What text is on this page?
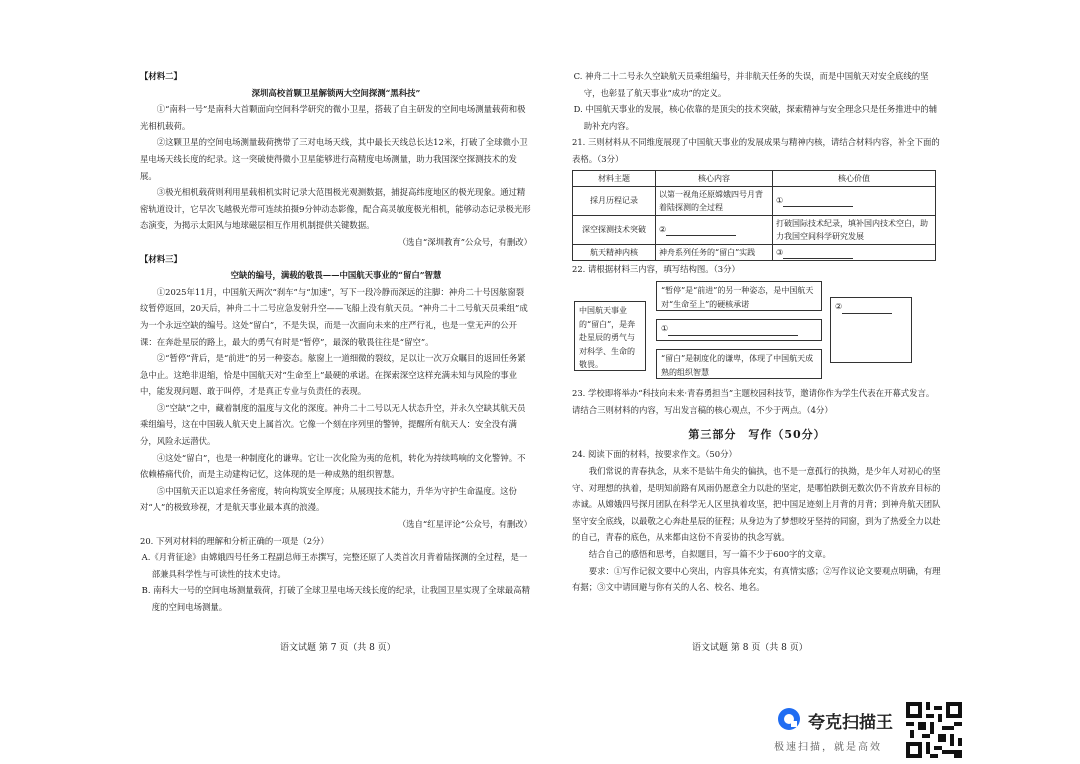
【材料二】

深圳高校首颗卫星解锁两大空间探测“黑科技”

①“南科一号”是南科大首颗面向空间科学研究的微小卫星，搭载了自主研发的空间电场测量载荷和极光相机载荷。

②这颗卫星的空间电场测量载荷携带了三对电场天线，其中最长天线总长达12米，打破了全球微小卫星电场天线长度的纪录。这一突破使得微小卫星能够进行高精度电场测量，助力我国深空探测技术的发展。

③极光相机载荷则利用星载相机实时记录大范围极光观测数据，捕捉高纬度地区的极光现象。通过精密轨道设计，它早次飞越极光带可连续拍摄9分钟动态影像，配合高灵敏度极光相机，能够动态记录极光形态演变，为揭示太阳风与地球磁层相互作用机制提供关键数据。

（选自“深圳教育”公众号，有删改）

【材料三】

空缺的编号，满载的敬畏——中国航天事业的“留白”智慧

①2025年11月，中国航天两次“刹车”与“加速”，写下一段冷静而深远的注脚：神舟二十号因舷窗裂纹暂停返回，20天后，神舟二十二号应急发射升空——飞船上没有航天员。“神舟二十二号航天员乘组”成为一个永远空缺的编号。这处“留白”，不是失误，而是一次面向未来的庄严行礼，也是一堂无声的公开课：在奔赴星辰的路上，最大的勇气有时是“暂停”，最深的敬畏往往是“留空”。

②“暂停”背后，是“前进”的另一种姿态。舷窗上一道细微的裂纹，足以让一次万众瞩目的返回任务紧急中止。这绝非退缩，恰是中国航天对“生命至上”最硬的承诺。在探索深空这样充满未知与风险的事业中，能发现问题、敢于叫停，才是真正专业与负责任的表现。

③“空缺”之中，藏着制度的温度与文化的深度。神舟二十二号以无人状态升空，并永久空缺其航天员乘组编号，这在中国载人航天史上属首次。它像一个刻在序列里的警钟，提醒所有航天人：安全没有满分，风险永远潜伏。

④这处“留白”，也是一种制度化的谦卑。它让一次化险为夷的危机，转化为持续鸣响的文化警钟。不依赖椿痛代价，而是主动建构记忆，这体现的是一种成熟的组织智慧。

⑤中国航天正以追求任务密度，转向构筑安全厚度；从展现技术能力，升华为守护生命温度。这份对“人”的极致珍视，才是航天事业最本真的浪漫。

（选自“红星评论”公众号，有删改）

20. 下列对材料的理解和分析正确的一项是（2分）

A.《月背征途》由嫦娥四号任务工程副总师王赤撰写，完整还原了人类首次月背着陆探测的全过程，是一部兼具科学性与可读性的技术史诗。

B. 南科大一号的空间电场测量载荷，打破了全球卫星电场天线长度的纪录，让我国卫星实现了全球最高精度的空间电场测量。

语文试题 第 7 页（共 8 页）

C. 神舟二十二号永久空缺航天员乘组编号，并非航天任务的失误，而是中国航天对安全底线的坚守，也彰显了航天事业“成功”的定义。

D. 中国航天事业的发展，核心依靠的是顶尖的技术突破，探索精神与安全理念只是任务推进中的辅助补充内容。

21. 三则材料从不同维度展现了中国航天事业的发展成果与精神内核，请结合材料内容，补全下面的表格。（3分）

材料主题	核心内容	核心价值
採月历程记录	以第一视角还原嫦娥四号月背着陆探测的全过程	①
深空探测技术突破	②	打破国际技术纪录，填补国内技术空白，助力我国空间科学研究发展
航天精神内核	神舟系列任务的“留白”实践	③

22. 请根据材料三内容，填写结构图。（3分）

中国航天事业的“留白”，是奔赴星辰的勇气与对科学、生命的敬畏。
“暂停”是“前进”的另一种姿态，是中国航天对“生命至上”的硬核承诺
①
“留白”是制度化的谦卑，体现了中国航天成熟的组织智慧
②

23. 学校即将举办“科技向未来·青春勇担当”主题校园科技节，邀请你作为学生代表在开幕式发言。请结合三则材料的内容，写出发言稿的核心观点，不少于两点。（4分）

第三部分　写作（50分）

24. 阅读下面的材料，按要求作文。（50分）

我们常说的青春执念，从来不是钻牛角尖的偏执，也不是一意孤行的执拗，是少年人对初心的坚守、对理想的执着，是明知前路有风雨仍愿意全力以赴的坚定，是哪怕跌倒无数次仍不肯放弃目标的赤诚。从嫦娥四号探月团队在科学无人区里执着攻坚，把中国足迹刻上月背的月背；到神舟航天团队坚守安全底线，以最敬之心奔赴星辰的征程；从身边为了梦想咬牙坚持的同窗，到为了热爱全力以赴的自己，青春的底色，从来都由这份不肯妥协的执念写就。

结合自己的感悟和思考，自拟题目，写一篇不少于600字的文章。

要求：①写作记叙文要中心突出，内容具体充实，有真情实感；②写作议论文要观点明确，有理有据；③文中请回避与你有关的人名、校名、地名。

语文试题 第 8 页（共 8 页）

夸克扫描王
极速扫描，就是高效
